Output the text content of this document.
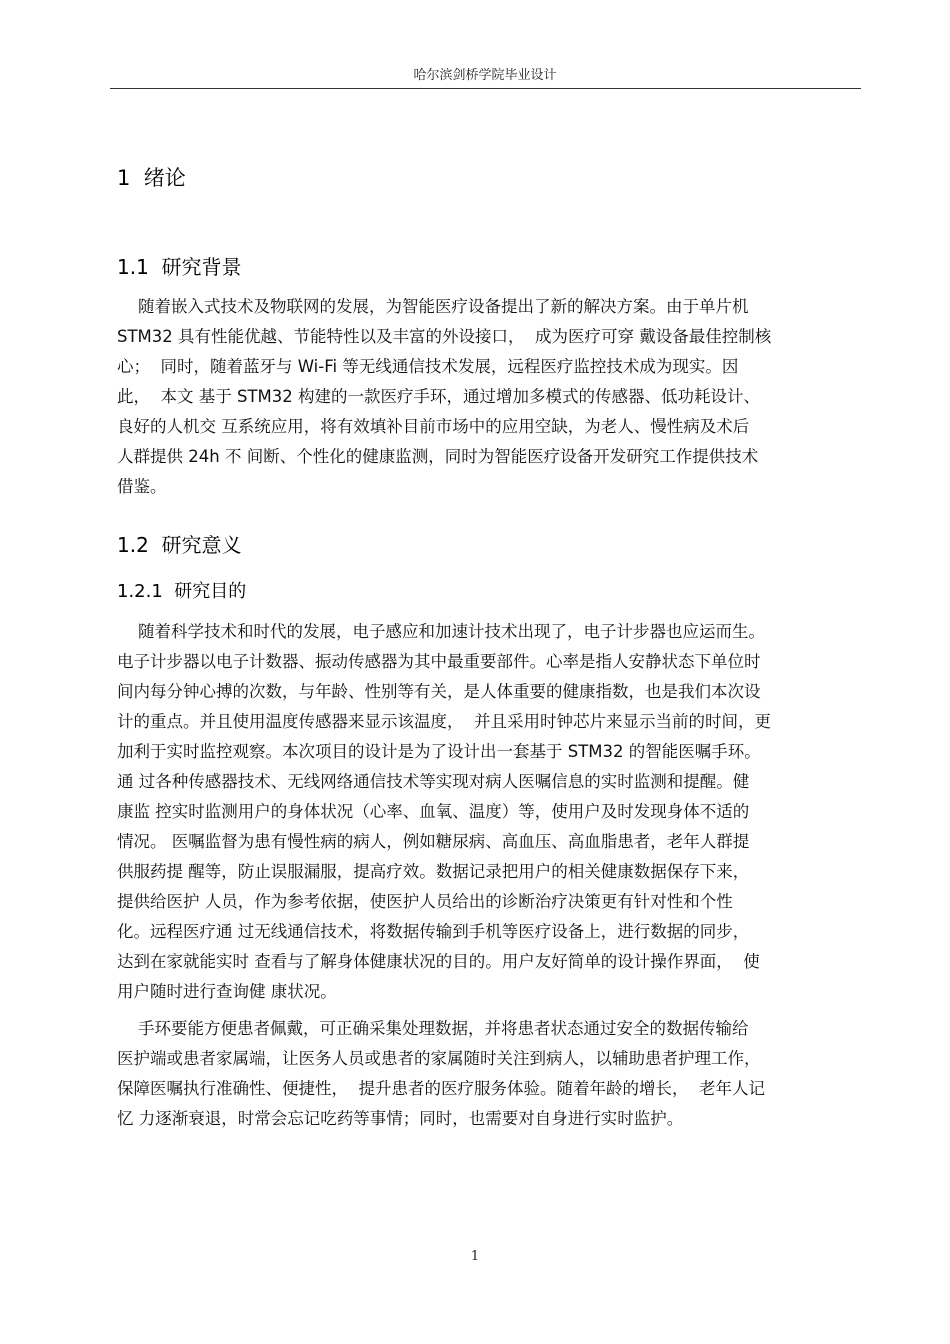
哈尔滨剑桥学院毕业设计
1 绪论
1.1 研究背景
随着嵌入式技术及物联网的发展，为智能医疗设备提出了新的解决方案。由于单片机
STM32 具有性能优越、节能特性以及丰富的外设接口，  成为医疗可穿 戴设备最佳控制核
心；  同时，随着蓝牙与 Wi-Fi 等无线通信技术发展，远程医疗监控技术成为现实。因
此，  本文 基于 STM32 构建的一款医疗手环，通过增加多模式的传感器、低功耗设计、
良好的人机交 互系统应用，将有效填补目前市场中的应用空缺，为老人、慢性病及术后
人群提供 24h 不 间断、个性化的健康监测，同时为智能医疗设备开发研究工作提供技术
借鉴。
1.2 研究意义
1.2.1 研究目的
随着科学技术和时代的发展，电子感应和加速计技术出现了，电子计步器也应运而生。
电子计步器以电子计数器、振动传感器为其中最重要部件。心率是指人安静状态下单位时
间内每分钟心搏的次数，与年龄、性别等有关，是人体重要的健康指数，也是我们本次设
计的重点。并且使用温度传感器来显示该温度，  并且采用时钟芯片来显示当前的时间，更
加利于实时监控观察。本次项目的设计是为了设计出一套基于 STM32 的智能医嘱手环。
通 过各种传感器技术、无线网络通信技术等实现对病人医嘱信息的实时监测和提醒。健
康监 控实时监测用户的身体状况（心率、血氧、温度）等，使用户及时发现身体不适的
情况。 医嘱监督为患有慢性病的病人，例如糖尿病、高血压、高血脂患者，老年人群提
供服药提 醒等，防止误服漏服，提高疗效。数据记录把用户的相关健康数据保存下来，
提供给医护 人员，作为参考依据，使医护人员给出的诊断治疗决策更有针对性和个性
化。远程医疗通 过无线通信技术，将数据传输到手机等医疗设备上，进行数据的同步，
达到在家就能实时 查看与了解身体健康状况的目的。用户友好简单的设计操作界面，  使
用户随时进行查询健 康状况。
手环要能方便患者佩戴，可正确采集处理数据，并将患者状态通过安全的数据传输给
医护端或患者家属端，让医务人员或患者的家属随时关注到病人，以辅助患者护理工作，
保障医嘱执行准确性、便捷性，  提升患者的医疗服务体验。随着年龄的增长，  老年人记
忆 力逐渐衰退，时常会忘记吃药等事情；同时，也需要对自身进行实时监护。
1
